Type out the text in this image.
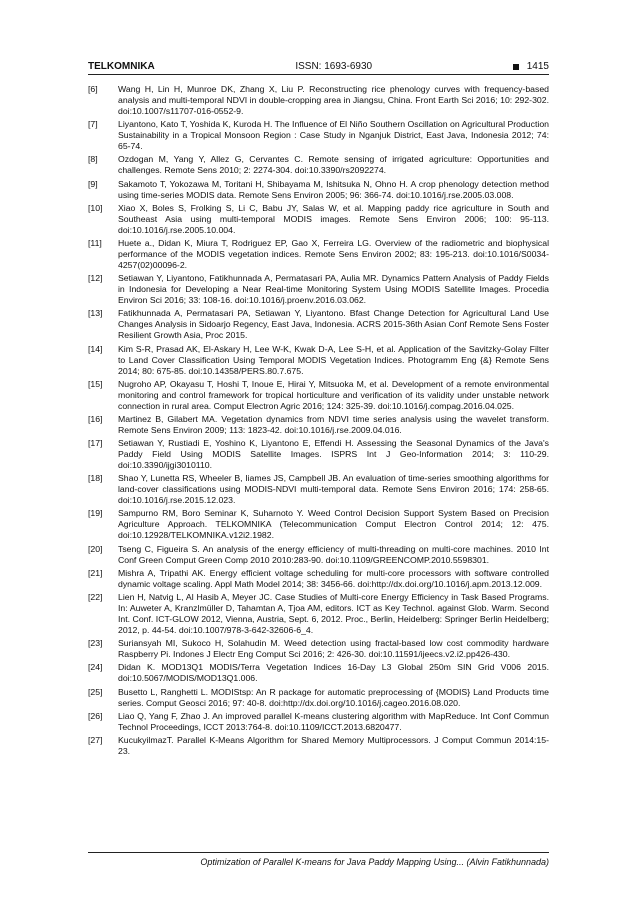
TELKOMNIKA	ISSN: 1693-6930	1415
[6]	Wang H, Lin H, Munroe DK, Zhang X, Liu P. Reconstructing rice phenology curves with frequency-based analysis and multi-temporal NDVI in double-cropping area in Jiangsu, China. Front Earth Sci 2016; 10: 292-302. doi:10.1007/s11707-016-0552-9.
[7]	Liyantono, Kato T, Yoshida K, Kuroda H. The Influence of El Niño Southern Oscillation on Agricultural Production Sustainability in a Tropical Monsoon Region : Case Study in Nganjuk District, East Java, Indonesia 2012; 74: 65-74.
[8]	Ozdogan M, Yang Y, Allez G, Cervantes C. Remote sensing of irrigated agriculture: Opportunities and challenges. Remote Sens 2010; 2: 2274-304. doi:10.3390/rs2092274.
[9]	Sakamoto T, Yokozawa M, Toritani H, Shibayama M, Ishitsuka N, Ohno H. A crop phenology detection method using time-series MODIS data. Remote Sens Environ 2005; 96: 366-74. doi:10.1016/j.rse.2005.03.008.
[10]	Xiao X, Boles S, Frolking S, Li C, Babu JY, Salas W, et al. Mapping paddy rice agriculture in South and Southeast Asia using multi-temporal MODIS images. Remote Sens Environ 2006; 100: 95-113. doi:10.1016/j.rse.2005.10.004.
[11]	Huete a., Didan K, Miura T, Rodriguez EP, Gao X, Ferreira LG. Overview of the radiometric and biophysical performance of the MODIS vegetation indices. Remote Sens Environ 2002; 83: 195-213. doi:10.1016/S0034-4257(02)00096-2.
[12]	Setiawan Y, Liyantono, Fatikhunnada A, Permatasari PA, Aulia MR. Dynamics Pattern Analysis of Paddy Fields in Indonesia for Developing a Near Real-time Monitoring System Using MODIS Satellite Images. Procedia Environ Sci 2016; 33: 108-16. doi:10.1016/j.proenv.2016.03.062.
[13]	Fatikhunnada A, Permatasari PA, Setiawan Y, Liyantono. Bfast Change Detection for Agricultural Land Use Changes Analysis in Sidoarjo Regency, East Java, Indonesia. ACRS 2015-36th Asian Conf Remote Sens Foster Resilient Growth Asia, Proc 2015.
[14]	Kim S-R, Prasad AK, El-Askary H, Lee W-K, Kwak D-A, Lee S-H, et al. Application of the Savitzky-Golay Filter to Land Cover Classification Using Temporal MODIS Vegetation Indices. Photogramm Eng {&} Remote Sens 2014; 80: 675-85. doi:10.14358/PERS.80.7.675.
[15]	Nugroho AP, Okayasu T, Hoshi T, Inoue E, Hirai Y, Mitsuoka M, et al. Development of a remote environmental monitoring and control framework for tropical horticulture and verification of its validity under unstable network connection in rural area. Comput Electron Agric 2016; 124: 325-39. doi:10.1016/j.compag.2016.04.025.
[16]	Martinez B, Gilabert MA. Vegetation dynamics from NDVI time series analysis using the wavelet transform. Remote Sens Environ 2009; 113: 1823-42. doi:10.1016/j.rse.2009.04.016.
[17]	Setiawan Y, Rustiadi E, Yoshino K, Liyantono E, Effendi H. Assessing the Seasonal Dynamics of the Java's Paddy Field Using MODIS Satellite Images. ISPRS Int J Geo-Information 2014; 3: 110-29. doi:10.3390/ijgi3010110.
[18]	Shao Y, Lunetta RS, Wheeler B, Iiames JS, Campbell JB. An evaluation of time-series smoothing algorithms for land-cover classifications using MODIS-NDVI multi-temporal data. Remote Sens Environ 2016; 174: 258-65. doi:10.1016/j.rse.2015.12.023.
[19]	Sampurno RM, Boro Seminar K, Suharnoto Y. Weed Control Decision Support System Based on Precision Agriculture Approach. TELKOMNIKA (Telecommunication Comput Electron Control 2014; 12: 475. doi:10.12928/TELKOMNIKA.v12i2.1982.
[20]	Tseng C, Figueira S. An analysis of the energy efficiency of multi-threading on multi-core machines. 2010 Int Conf Green Comput Green Comp 2010 2010:283-90. doi:10.1109/GREENCOMP.2010.5598301.
[21]	Mishra A, Tripathi AK. Energy efficient voltage scheduling for multi-core processors with software controlled dynamic voltage scaling. Appl Math Model 2014; 38: 3456-66. doi:http://dx.doi.org/10.1016/j.apm.2013.12.009.
[22]	Lien H, Natvig L, Al Hasib A, Meyer JC. Case Studies of Multi-core Energy Efficiency in Task Based Programs. In: Auweter A, Kranzlmüller D, Tahamtan A, Tjoa AM, editors. ICT as Key Technol. against Glob. Warm. Second Int. Conf. ICT-GLOW 2012, Vienna, Austria, Sept. 6, 2012. Proc., Berlin, Heidelberg: Springer Berlin Heidelberg; 2012, p. 44-54. doi:10.1007/978-3-642-32606-6_4.
[23]	Suriansyah MI, Sukoco H, Solahudin M. Weed detection using fractal-based low cost commodity hardware Raspberry Pi. Indones J Electr Eng Comput Sci 2016; 2: 426-30. doi:10.11591/ijeecs.v2.i2.pp426-430.
[24]	Didan K. MOD13Q1 MODIS/Terra Vegetation Indices 16-Day L3 Global 250m SIN Grid V006 2015. doi:10.5067/MODIS/MOD13Q1.006.
[25]	Busetto L, Ranghetti L. MODIStsp: An R package for automatic preprocessing of {MODIS} Land Products time series. Comput Geosci 2016; 97: 40-8. doi:http://dx.doi.org/10.1016/j.cageo.2016.08.020.
[26]	Liao Q, Yang F, Zhao J. An improved parallel K-means clustering algorithm with MapReduce. Int Conf Commun Technol Proceedings, ICCT 2013:764-8. doi:10.1109/ICCT.2013.6820477.
[27]	KucukyilmazT. Parallel K-Means Algorithm for Shared Memory Multiprocessors. J Comput Commun 2014:15-23.
Optimization of Parallel K-means for Java Paddy Mapping Using... (Alvin Fatikhunnada)
